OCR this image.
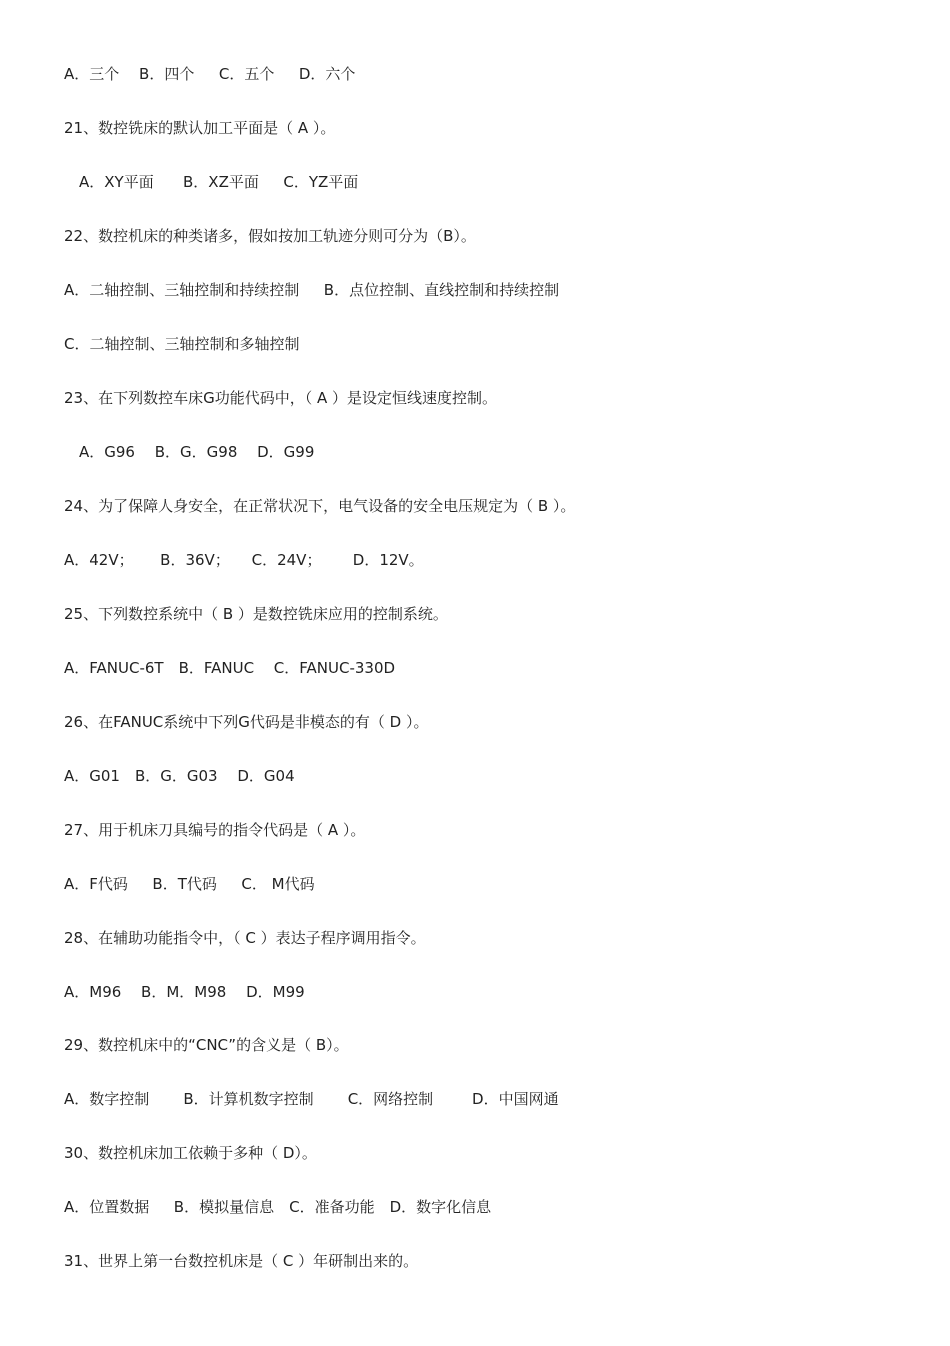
A．三个　 B．四个　  C．五个　  D．六个
21、数控铣床的默认加工平面是（ A ）。
A．XY平面　   B．XZ平面　  C．YZ平面
22、数控机床的种类诸多，假如按加工轨迹分则可分为（B）。
A．二轴控制、三轴控制和持续控制　  B．点位控制、直线控制和持续控制
C．二轴控制、三轴控制和多轴控制
23、在下列数控车床G功能代码中，（ A ）是设定恒线速度控制。
A．G96　 B．G．G98　 D．G99
24、为了保障人身安全，在正常状况下，电气设备的安全电压规定为（ B ）。
A．42V；　    B．36V；　   C．24V；　     D．12V。
25、下列数控系统中（ B ）是数控铣床应用的控制系统。
A．FANUC-6T　B．FANUC　 C．FANUC-330D
26、在FANUC系统中下列G代码是非模态的有（ D ）。
A．G01　B．G．G03　 D．G04
27、用于机床刀具编号的指令代码是（ A ）。
A．F代码　  B．T代码　  C． M代码
28、在辅助功能指令中，（ C ）表达子程序调用指令。
A．M96　 B．M．M98　 D．M99
29、数控机床中的“CNC”的含义是（ B）。
A．数字控制　    B．计算机数字控制　    C．网络控制　     D．中国网通
30、数控机床加工依赖于多种（ D）。
A．位置数据　  B．模拟量信息　C．准备功能　D．数字化信息
31、世界上第一台数控机床是（ C ）年研制出来的。
